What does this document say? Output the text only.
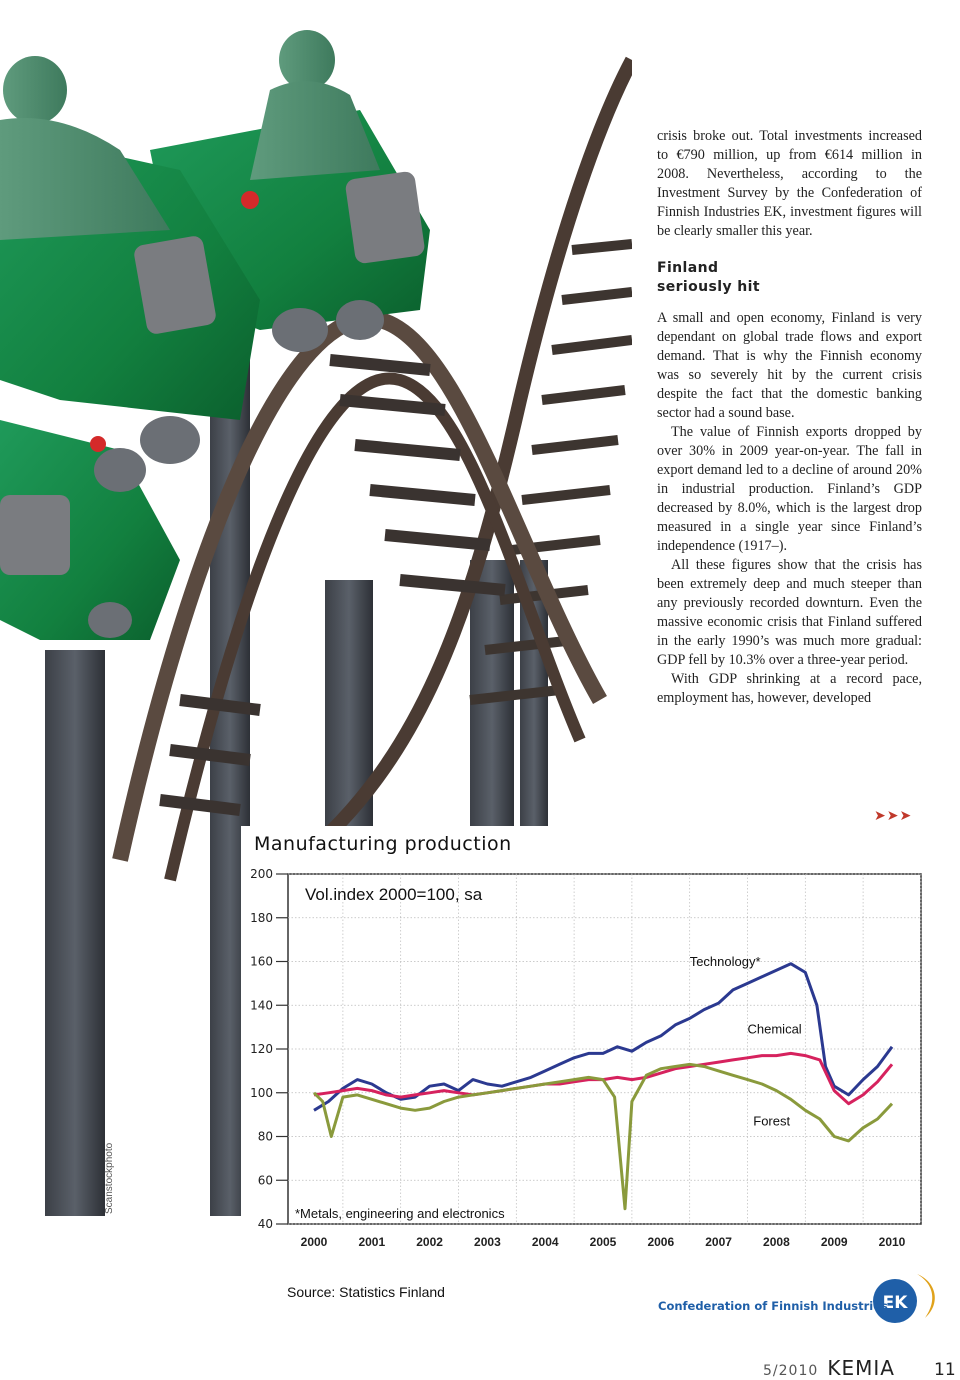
Scanstockphoto

crisis broke out. Total investments increased to €790 million, up from €614 million in 2008. Nevertheless, according to the Investment Survey by the Confederation of Finnish Industries EK, investment figures will be clearly smaller this year.

Finland
seriously hit

A small and open economy, Finland is very dependant on global trade flows and export demand. That is why the Finnish economy was so severely hit by the current crisis despite the fact that the domestic banking sector had a sound base.

The value of Finnish exports dropped by over 30% in 2009 year-on-year. The fall in export demand led to a decline of around 20% in industrial production. Finland’s GDP decreased by 8.0%, which is the largest drop measured in a single year since Finland’s independence (1917–).

All these figures show that the crisis has been extremely deep and much steeper than any previously recorded downturn. Even the massive economic crisis that Finland suffered in the early 1990’s was much more gradual: GDP fell by 10.3% over a three-year period.

With GDP shrinking at a record pace, employment has, however, developed

➤➤➤
Manufacturing production
2000	2001	2002	2003	2004	2005	2006	2007	2008	2009	2010
40
60
80
100
120
140
160
180
200
Vol.index 2000=100, sa
*Metals, engineering and electronics
Technology*
Chemical
Forest
Source: Statistics Finland
EK
Confederation of Finnish Industries
5/2010 KEMIA 11
